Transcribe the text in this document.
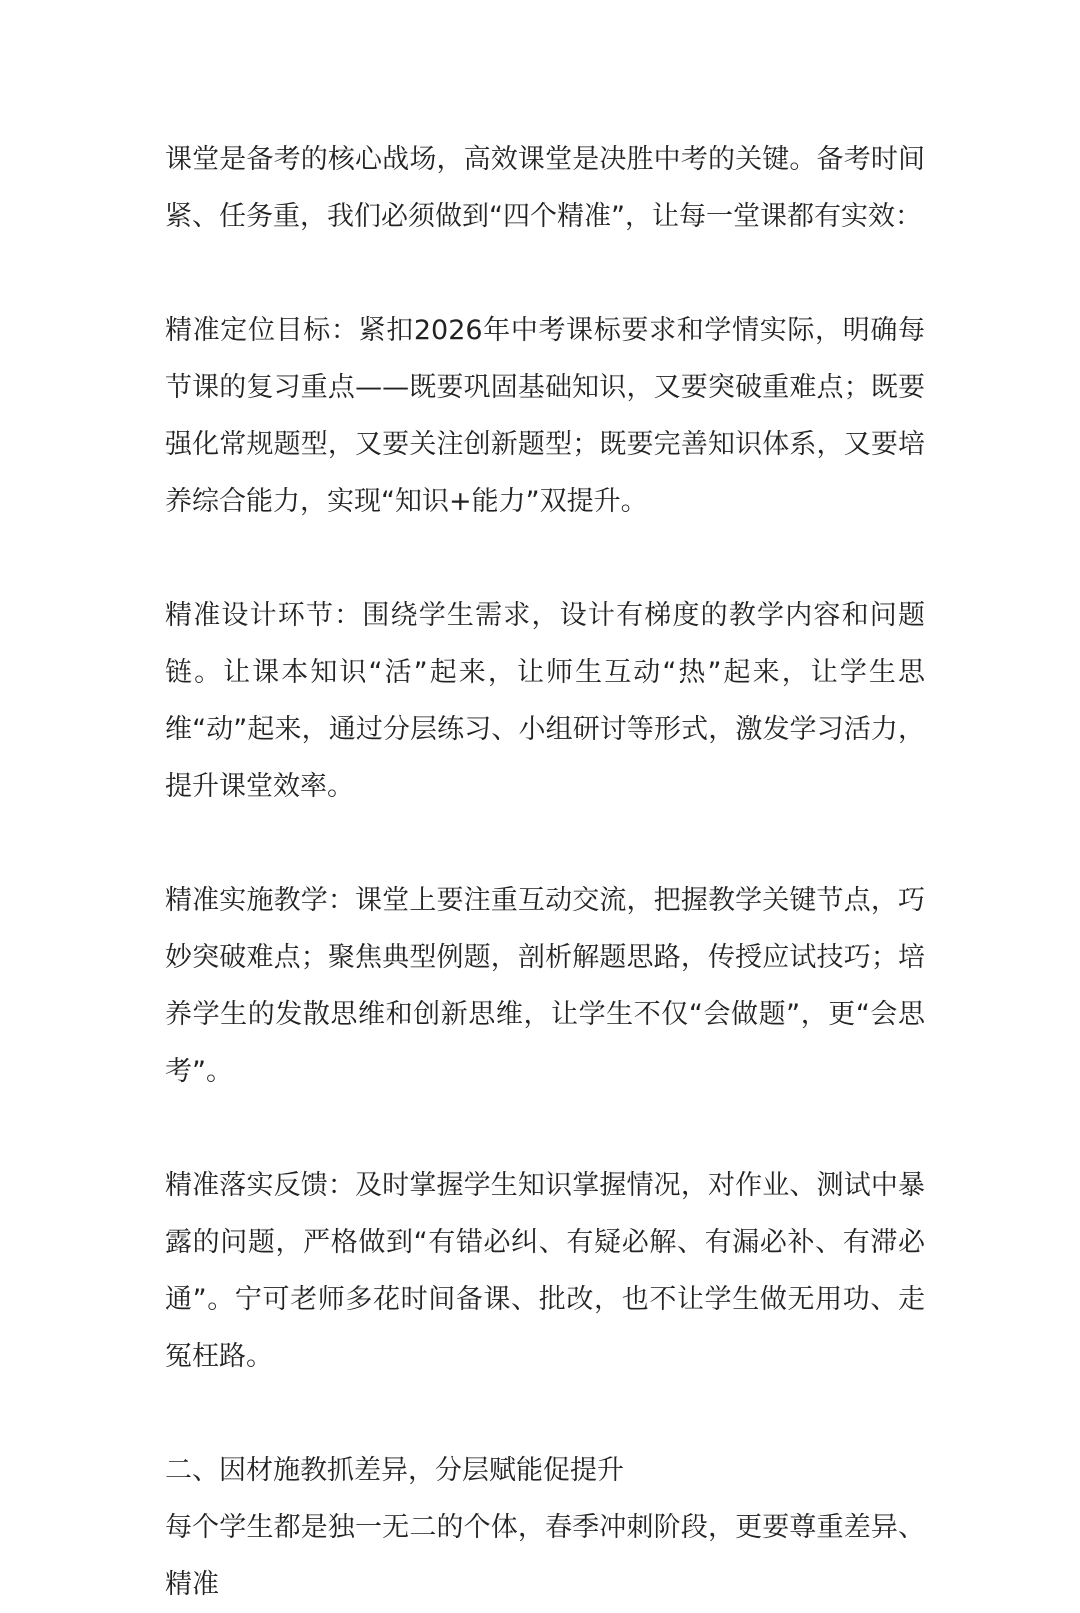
课堂是备考的核心战场，高效课堂是决胜中考的关键。备考时间紧、任务重，我们必须做到“四个精准”，让每一堂课都有实效：

精准定位目标：紧扣2026年中考课标要求和学情实际，明确每节课的复习重点——既要巩固基础知识，又要突破重难点；既要强化常规题型，又要关注创新题型；既要完善知识体系，又要培养综合能力，实现“知识+能力”双提升。

精准设计环节：围绕学生需求，设计有梯度的教学内容和问题链。让课本知识“活”起来，让师生互动“热”起来，让学生思维“动”起来，通过分层练习、小组研讨等形式，激发学习活力，提升课堂效率。

精准实施教学：课堂上要注重互动交流，把握教学关键节点，巧妙突破难点；聚焦典型例题，剖析解题思路，传授应试技巧；培养学生的发散思维和创新思维，让学生不仅“会做题”，更“会思考”。

精准落实反馈：及时掌握学生知识掌握情况，对作业、测试中暴露的问题，严格做到“有错必纠、有疑必解、有漏必补、有滞必通”。宁可老师多花时间备课、批改，也不让学生做无用功、走冤枉路。

二、因材施教抓差异，分层赋能促提升

每个学生都是独一无二的个体，春季冲刺阶段，更要尊重差异、精准
